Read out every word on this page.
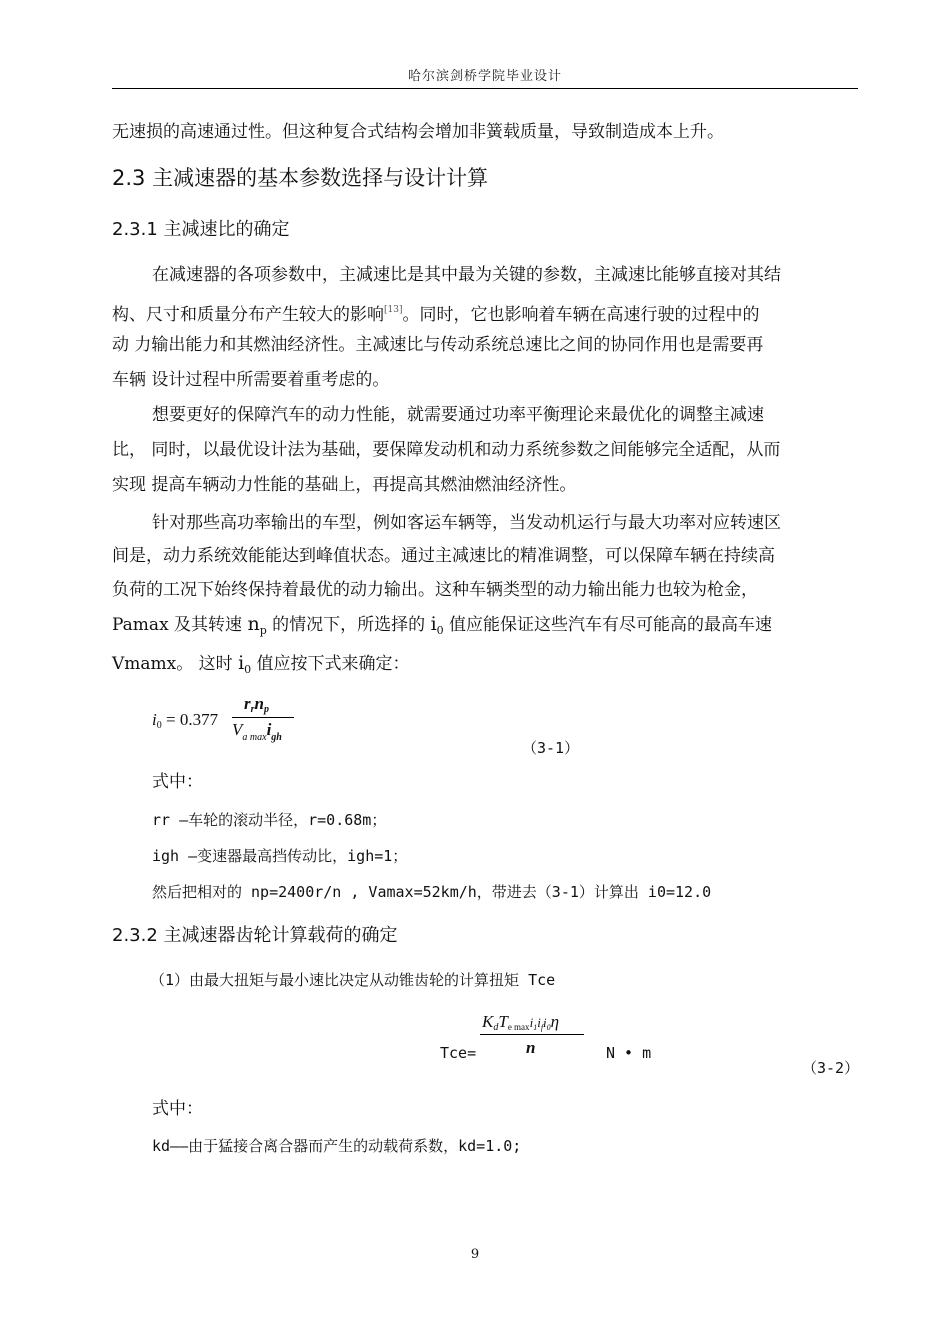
哈尔滨剑桥学院毕业设计
无速损的高速通过性。但这种复合式结构会增加非簧载质量，导致制造成本上升。
2.3 主减速器的基本参数选择与设计计算
2.3.1 主减速比的确定
在减速器的各项参数中，主减速比是其中最为关键的参数，主减速比能够直接对其结
构、尺寸和质量分布产生较大的影响[13]。同时，它也影响着车辆在高速行驶的过程中的
动 力输出能力和其燃油经济性。主减速比与传动系统总速比之间的协同作用也是需要再
车辆 设计过程中所需要着重考虑的。
想要更好的保障汽车的动力性能，就需要通过功率平衡理论来最优化的调整主减速
比， 同时，以最优设计法为基础，要保障发动机和动力系统参数之间能够完全适配，从而
实现 提高车辆动力性能的基础上，再提高其燃油燃油经济性。
针对那些高功率输出的车型，例如客运车辆等，当发动机运行与最大功率对应转速区
间是，动力系统效能能达到峰值状态。通过主减速比的精准调整，可以保障车辆在持续高
负荷的工况下始终保持着最优的动力输出。这种车辆类型的动力输出能力也较为枪金，
Pamax 及其转速 $n_p$ 的情况下，所选择的 $i_0$ 值应能保证这些汽车有尽可能高的最高车速
Vmamx。 这时 $i_0$ 值应按下式来确定：
i0 = 0.377
rrnp
$V_{a max}i_{gh}$
（3-1）
式中：
rr —车轮的滚动半径，r=0.68m；
igh —变速器最高挡传动比，igh=1；
然后把相对的 np=2400r/n , Vamax=52km/h，带进去（3-1）计算出 i0=12.0
2.3.2 主减速器齿轮计算载荷的确定
（1）由最大扭矩与最小速比决定从动锥齿轮的计算扭矩 Tce
Tce=
KdTe maxi1ifi0η
n	N • m
（3-2）
式中：
kd——由于猛接合离合器而产生的动载荷系数，kd=1.0;
9
